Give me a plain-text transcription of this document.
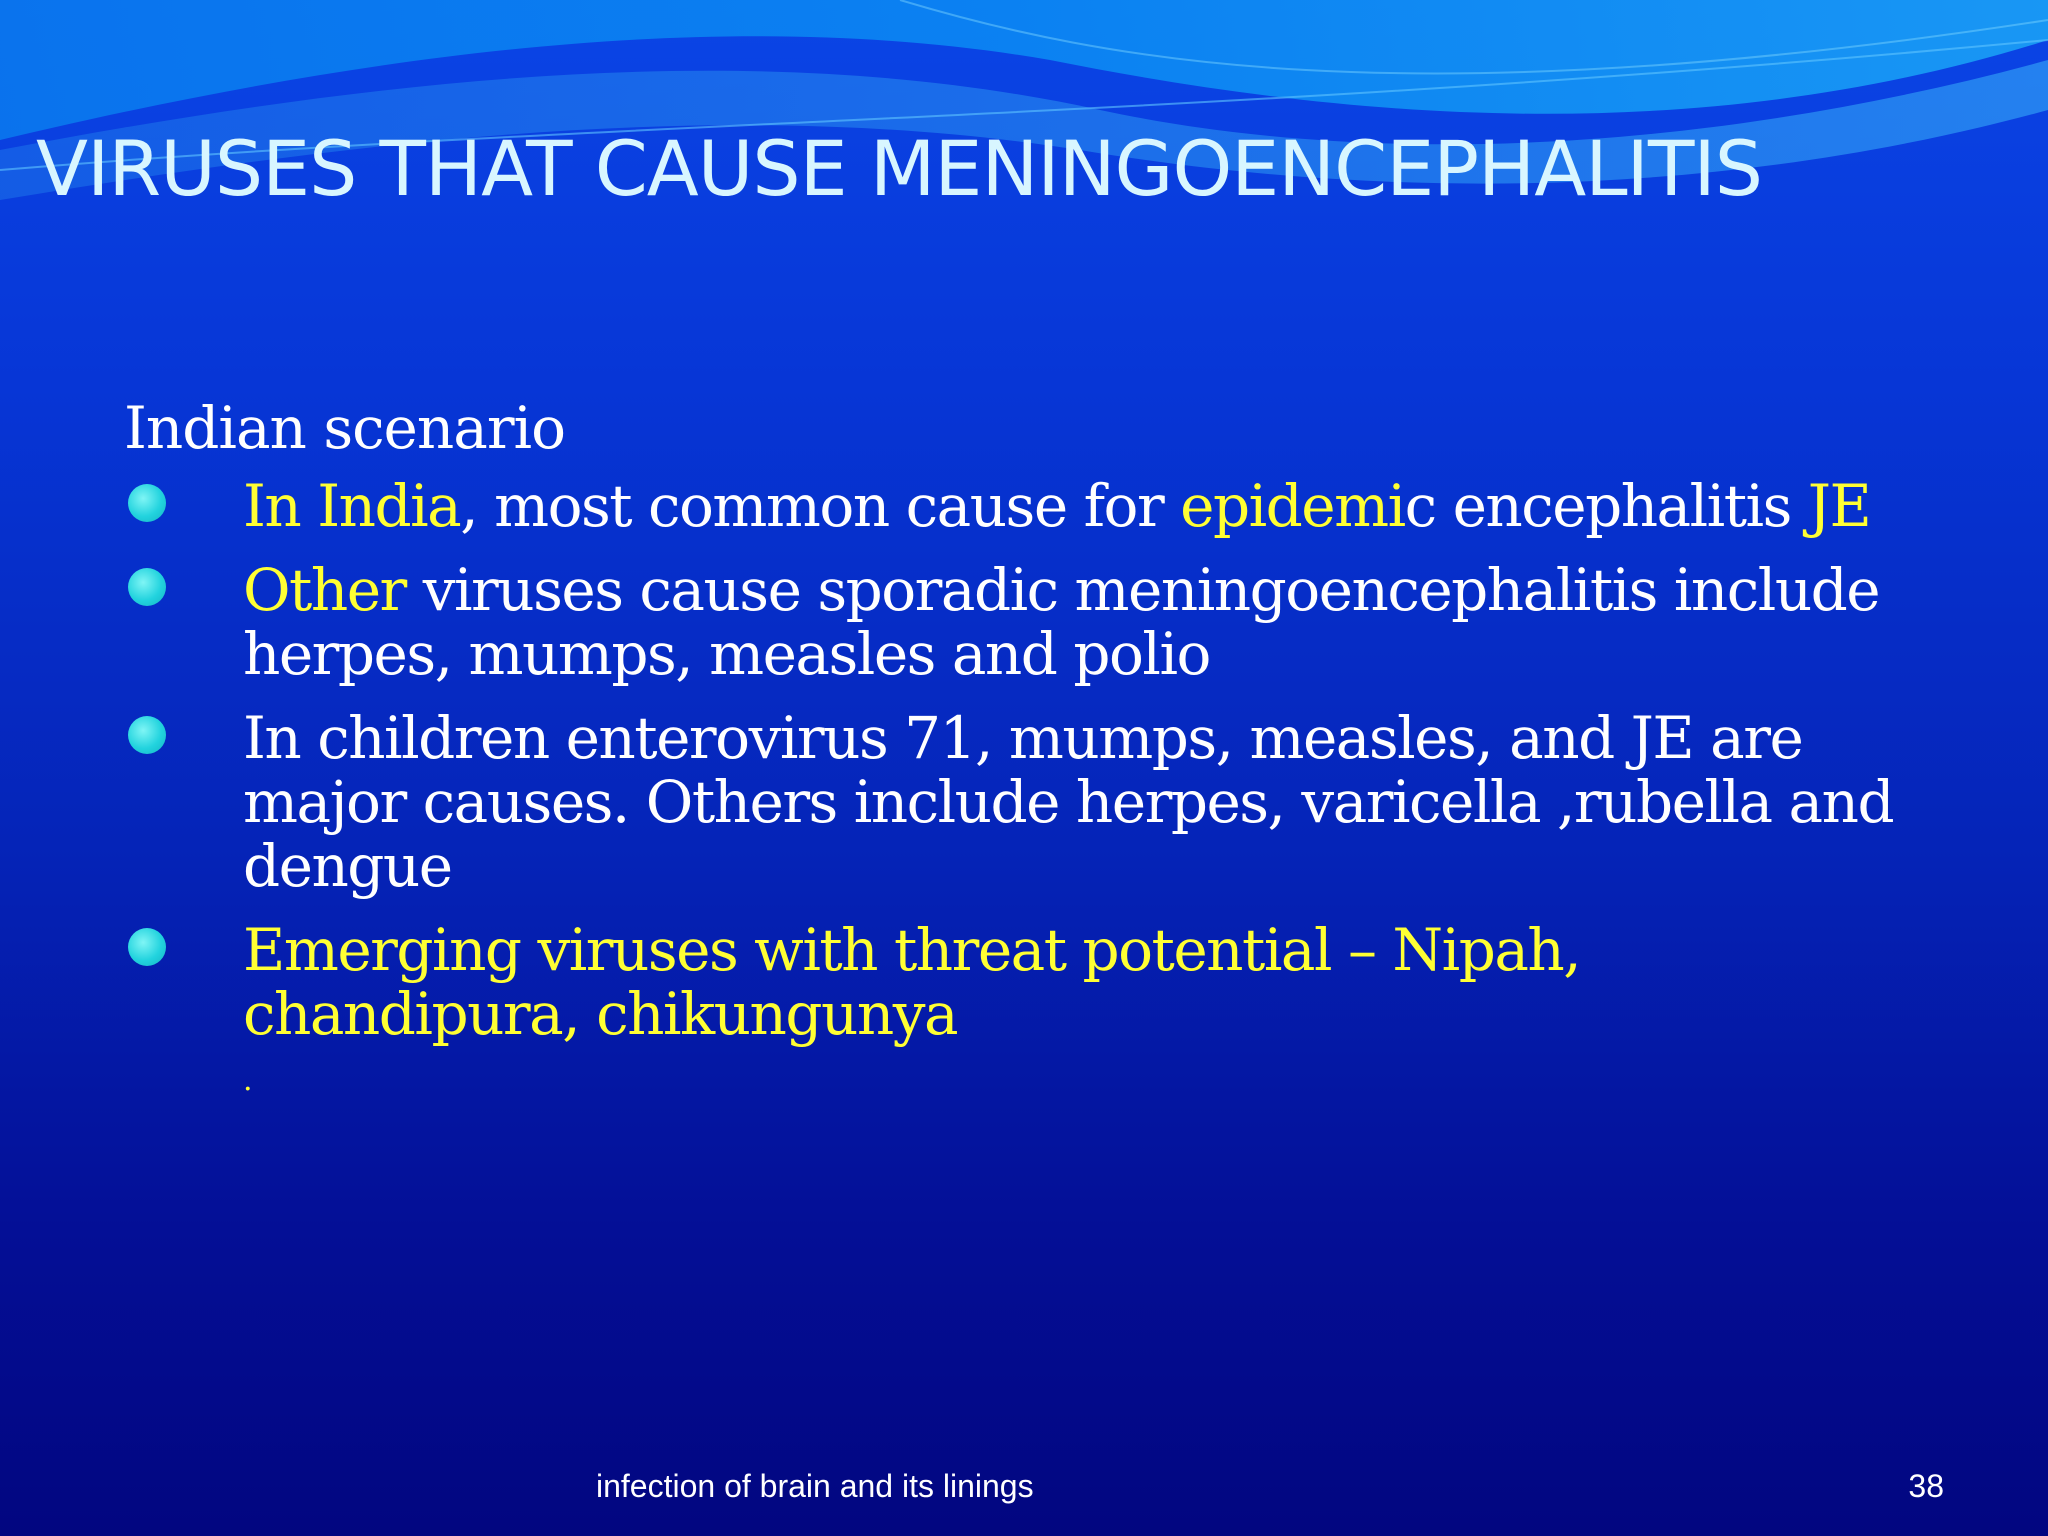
VIRUSES THAT CAUSE MENINGOENCEPHALITIS

Indian scenario

In India, most common cause for epidemic encephalitis JE
Other viruses cause sporadic meningoencephalitis include herpes, mumps, measles and polio
In children enterovirus 71, mumps, measles, and JE are major causes. Others include herpes, varicella ,rubella and dengue
Emerging viruses with threat potential – Nipah, chandipura, chikungunya
.
infection of brain and its linings	38
